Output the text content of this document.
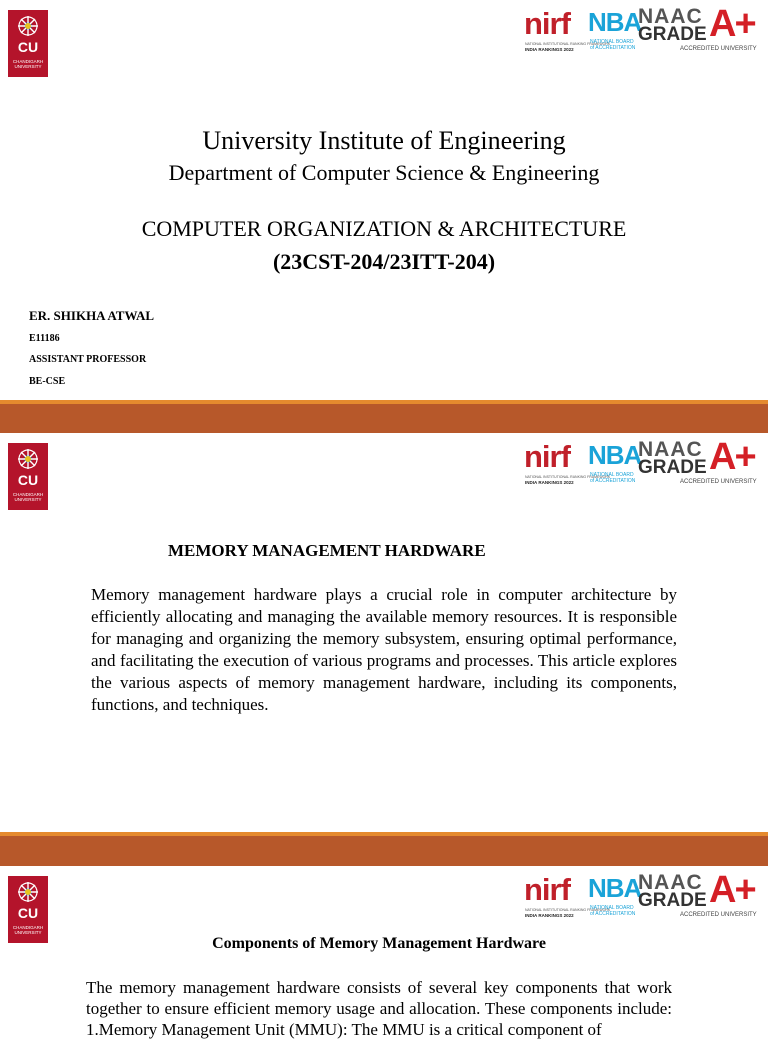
CU
CHANDIGARH UNIVERSITY
nirf
NATIONAL INSTITUTIONAL RANKING FRAMEWORK
INDIA RANKINGS 2022
NBA
NATIONAL BOARD
of ACCREDITATION
NAAC
GRADE A+
ACCREDITED UNIVERSITY
University Institute of Engineering
Department of Computer Science & Engineering
COMPUTER ORGANIZATION & ARCHITECTURE
(23CST-204/23ITT-204)
ER. SHIKHA ATWAL
E11186
ASSISTANT PROFESSOR
BE-CSE
CU
CHANDIGARH UNIVERSITY
nirf
NATIONAL INSTITUTIONAL RANKING FRAMEWORK
INDIA RANKINGS 2022
NBA
NATIONAL BOARD
of ACCREDITATION
NAAC
GRADE A+
ACCREDITED UNIVERSITY
MEMORY MANAGEMENT HARDWARE
Memory management hardware plays a crucial role in computer architecture by efficiently allocating and managing the available memory resources. It is responsible for managing and organizing the memory subsystem, ensuring optimal performance, and facilitating the execution of various programs and processes. This article explores the various aspects of memory management hardware, including its components, functions, and techniques.
CU
CHANDIGARH UNIVERSITY
nirf
NATIONAL INSTITUTIONAL RANKING FRAMEWORK
INDIA RANKINGS 2022
NBA
NATIONAL BOARD
of ACCREDITATION
NAAC
GRADE A+
ACCREDITED UNIVERSITY
Components of Memory Management Hardware
The memory management hardware consists of several key components that work together to ensure efficient memory usage and allocation. These components include: 1.Memory Management Unit (MMU): The MMU is a critical component of
